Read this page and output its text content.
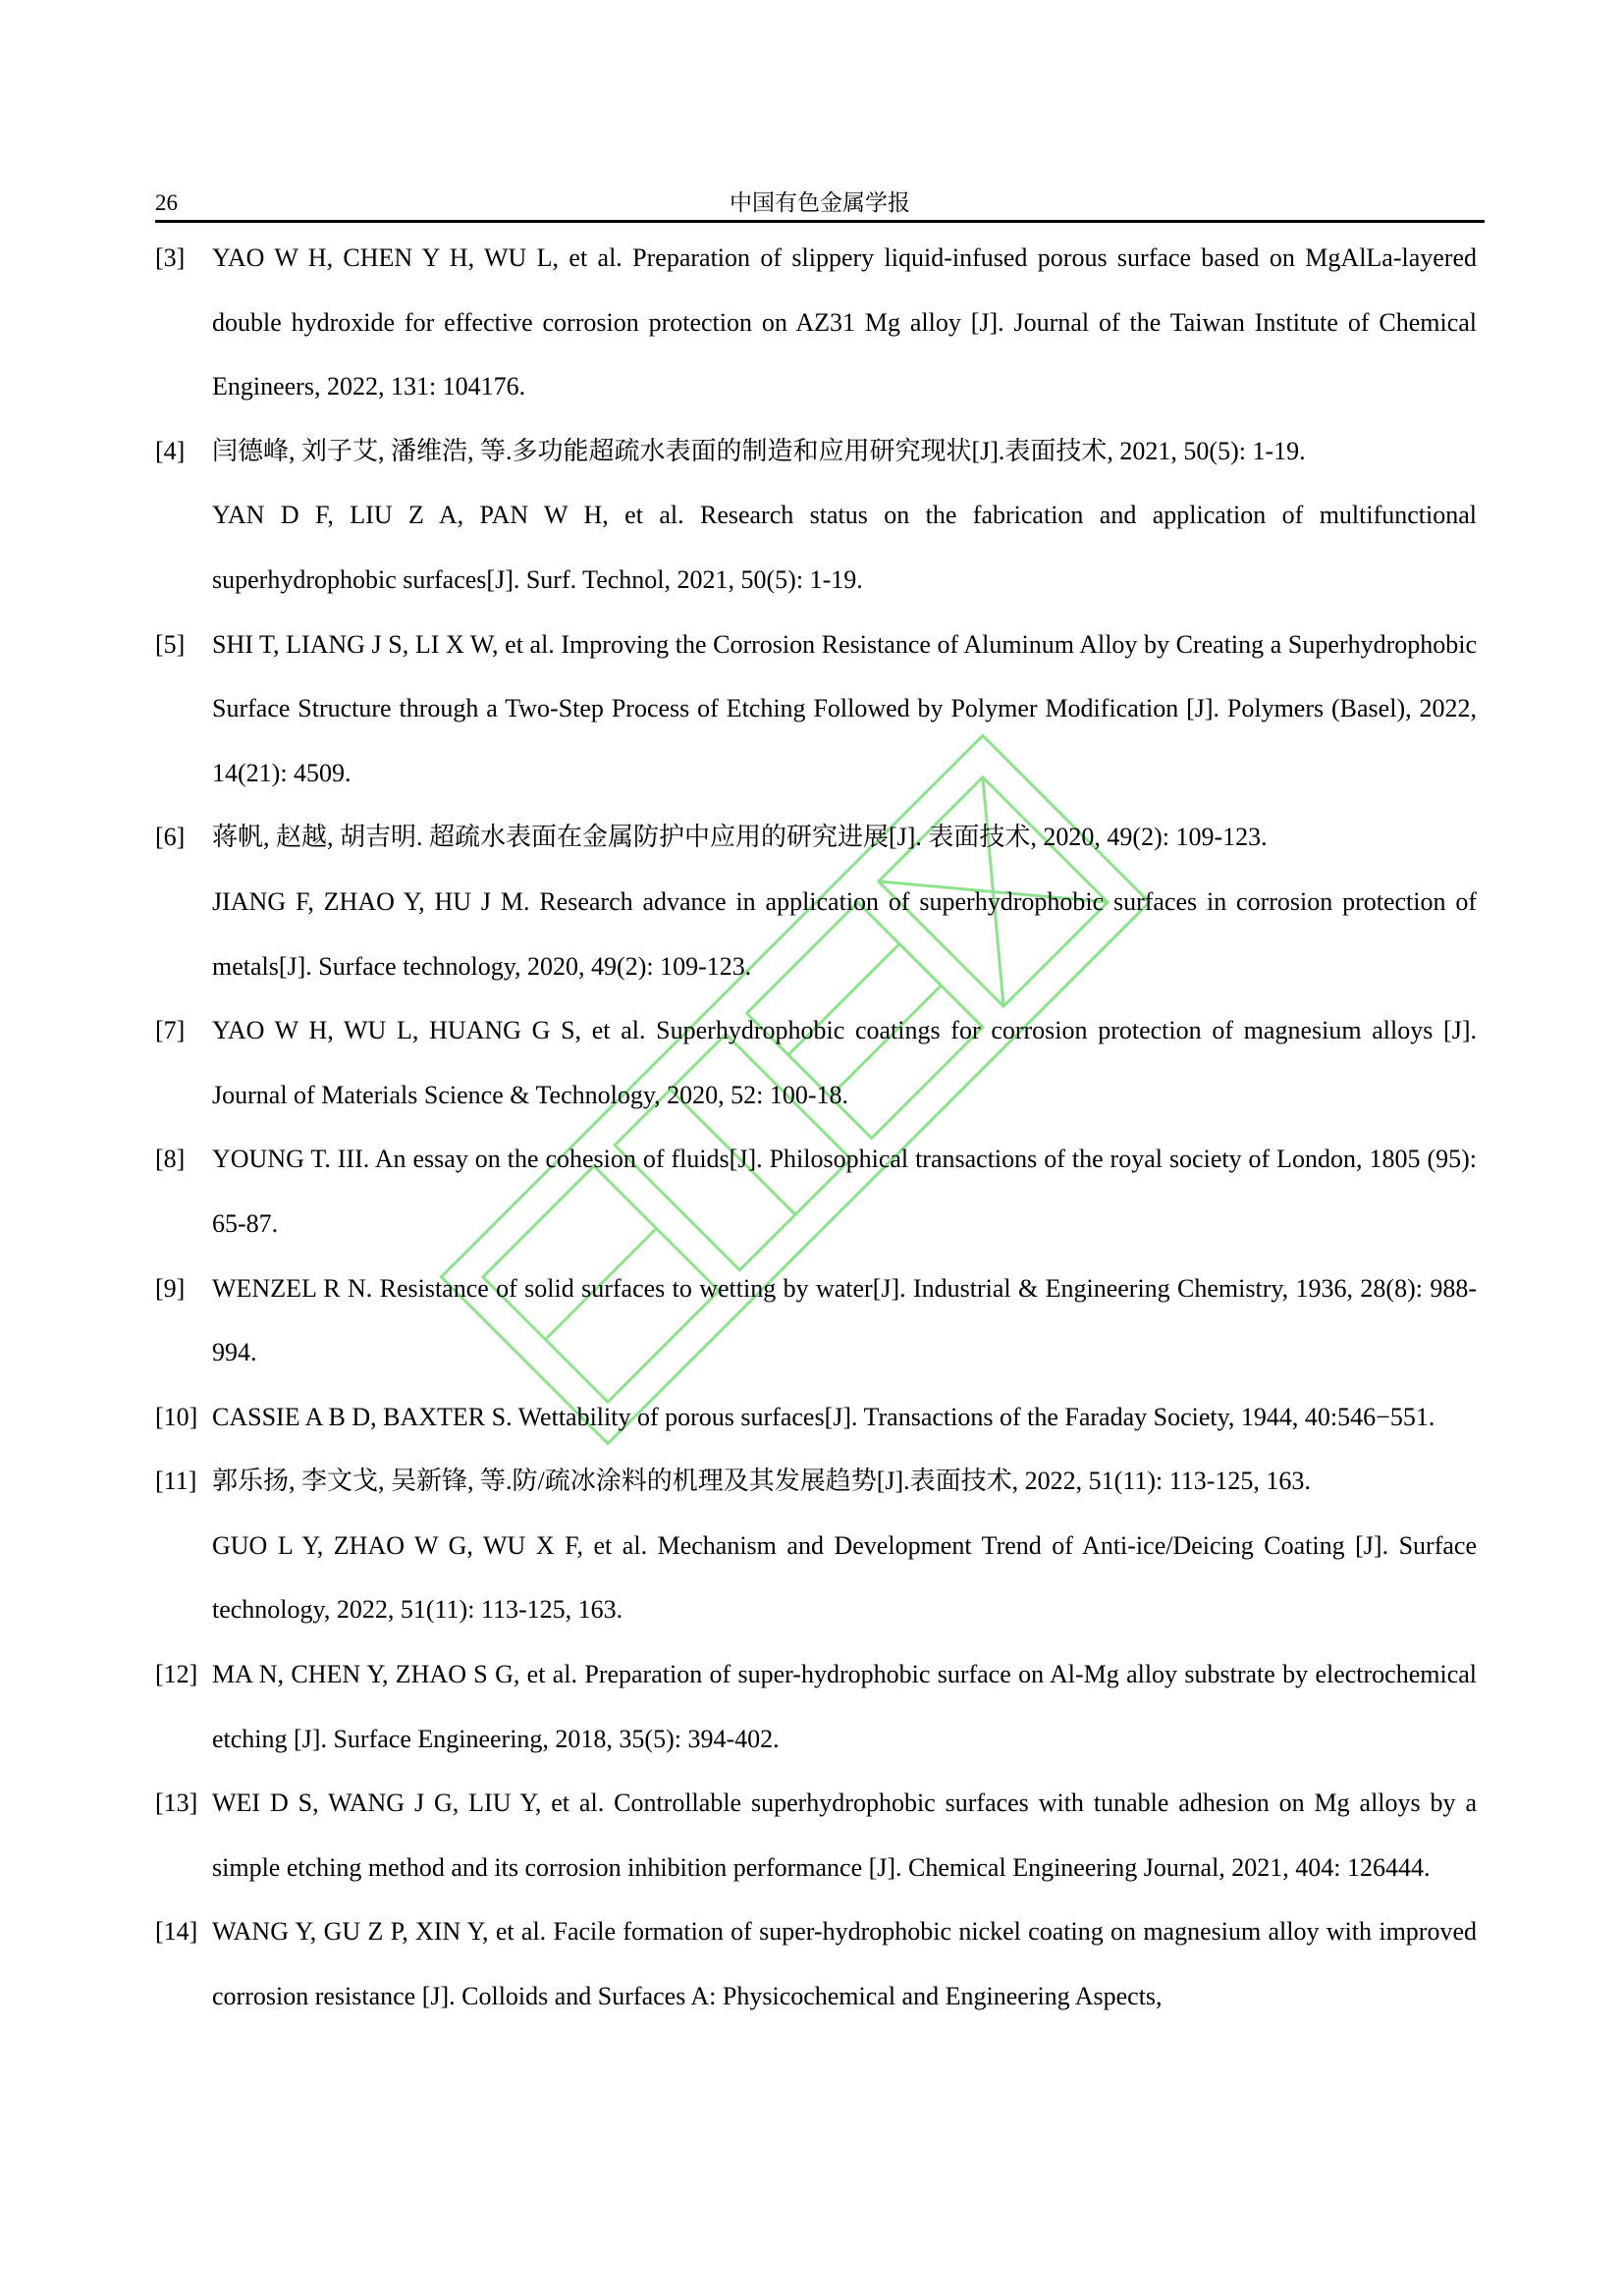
26	中国有色金属学报
[3]	YAO W H, CHEN Y H, WU L, et al. Preparation of slippery liquid-infused porous surface based on MgAlLa-layered double hydroxide for effective corrosion protection on AZ31 Mg alloy [J]. Journal of the Taiwan Institute of Chemical Engineers, 2022, 131: 104176.
[4]	闫德峰, 刘子艾, 潘维浩, 等.多功能超疏水表面的制造和应用研究现状[J].表面技术, 2021, 50(5): 1-19.
YAN D F, LIU Z A, PAN W H, et al. Research status on the fabrication and application of multifunctional superhydrophobic surfaces[J]. Surf. Technol, 2021, 50(5): 1-19.
[5]	SHI T, LIANG J S, LI X W, et al. Improving the Corrosion Resistance of Aluminum Alloy by Creating a Superhydrophobic Surface Structure through a Two-Step Process of Etching Followed by Polymer Modification [J]. Polymers (Basel), 2022, 14(21): 4509.
[6]	蒋帆, 赵越, 胡吉明. 超疏水表面在金属防护中应用的研究进展[J]. 表面技术, 2020, 49(2): 109-123.
JIANG F, ZHAO Y, HU J M. Research advance in application of superhydrophobic surfaces in corrosion protection of metals[J]. Surface technology, 2020, 49(2): 109-123.
[7]	YAO W H, WU L, HUANG G S, et al. Superhydrophobic coatings for corrosion protection of magnesium alloys [J]. Journal of Materials Science & Technology, 2020, 52: 100-18.
[8]	YOUNG T. III. An essay on the cohesion of fluids[J]. Philosophical transactions of the royal society of London, 1805 (95): 65-87.
[9]	WENZEL R N. Resistance of solid surfaces to wetting by water[J]. Industrial & Engineering Chemistry, 1936, 28(8): 988-994.
[10] CASSIE A B D, BAXTER S. Wettability of porous surfaces[J]. Transactions of the Faraday Society, 1944, 40:546−551.
[11] 郭乐扬, 李文戈, 吴新锋, 等.防/疏冰涂料的机理及其发展趋势[J].表面技术, 2022, 51(11): 113-125, 163.
GUO L Y, ZHAO W G, WU X F, et al. Mechanism and Development Trend of Anti-ice/Deicing Coating [J]. Surface technology, 2022, 51(11): 113-125, 163.
[12] MA N, CHEN Y, ZHAO S G, et al. Preparation of super-hydrophobic surface on Al-Mg alloy substrate by electrochemical etching [J]. Surface Engineering, 2018, 35(5): 394-402.
[13] WEI D S, WANG J G, LIU Y, et al. Controllable superhydrophobic surfaces with tunable adhesion on Mg alloys by a simple etching method and its corrosion inhibition performance [J]. Chemical Engineering Journal, 2021, 404: 126444.
[14] WANG Y, GU Z P, XIN Y, et al. Facile formation of super-hydrophobic nickel coating on magnesium alloy with improved corrosion resistance [J]. Colloids and Surfaces A: Physicochemical and Engineering Aspects,
